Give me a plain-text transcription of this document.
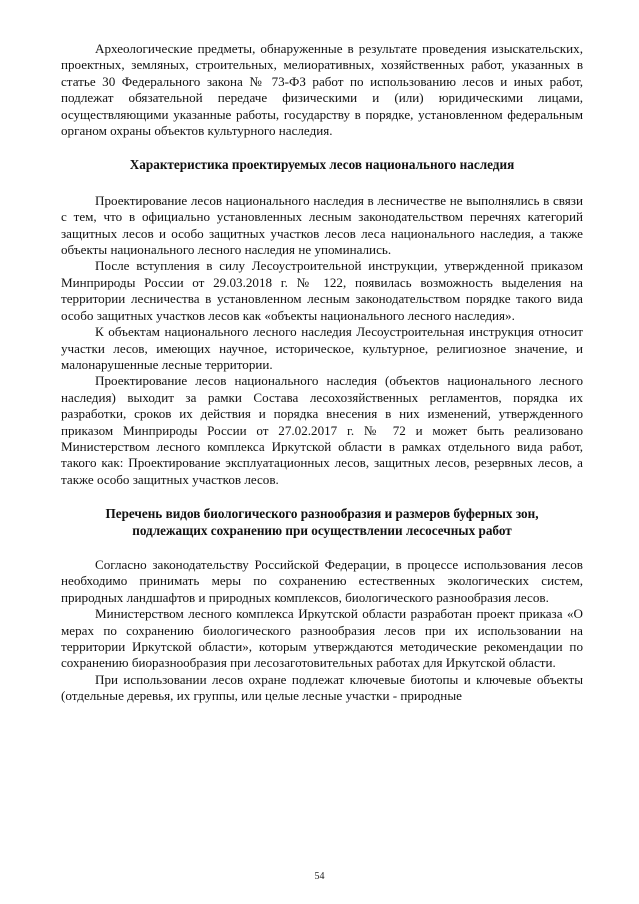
Археологические предметы, обнаруженные в результате проведения изыскательских, проектных, земляных, строительных, мелиоративных, хозяйственных работ, указанных в статье 30 Федерального закона № 73-ФЗ работ по использованию лесов и иных работ, подлежат обязательной передаче физическими и (или) юридическими лицами, осуществляющими указанные работы, государству в порядке, установленном федеральным органом охраны объектов культурного наследия.

Характеристика проектируемых лесов национального наследия

Проектирование лесов национального наследия в лесничестве не выполнялись в связи с тем, что в официально установленных лесным законодательством перечнях категорий защитных лесов и особо защитных участков лесов леса национального наследия, а также объекты национального лесного наследия не упоминались.

После вступления в силу Лесоустроительной инструкции, утвержденной приказом Минприроды России от 29.03.2018 г. № 122, появилась возможность выделения на территории лесничества в установленном лесным законодательством порядке такого вида особо защитных участков лесов как «объекты национального лесного наследия».

К объектам национального лесного наследия Лесоустроительная инструкция относит участки лесов, имеющих научное, историческое, культурное, религиозное значение, и малонарушенные лесные территории.

Проектирование лесов национального наследия (объектов национального лесного наследия) выходит за рамки Состава лесохозяйственных регламентов, порядка их разработки, сроков их действия и порядка внесения в них изменений, утвержденного приказом Минприроды России от 27.02.2017 г. № 72 и может быть реализовано Министерством лесного комплекса Иркутской области в рамках отдельного вида работ, такого как: Проектирование эксплуатационных лесов, защитных лесов, резервных лесов, а также особо защитных участков лесов.

Перечень видов биологического разнообразия и размеров буферных зон,

подлежащих сохранению при осуществлении лесосечных работ

Согласно законодательству Российской Федерации, в процессе использования лесов необходимо принимать меры по сохранению естественных экологических систем, природных ландшафтов и природных комплексов, биологического разнообразия лесов.

Министерством лесного комплекса Иркутской области разработан проект приказа «О мерах по сохранению биологического разнообразия лесов при их использовании на территории Иркутской области», которым утверждаются методические рекомендации по сохранению биоразнообразия при лесозаготовительных работах для Иркутской области.

При использовании лесов охране подлежат ключевые биотопы и ключевые объекты (отдельные деревья, их группы, или целые лесные участки - природные

54
